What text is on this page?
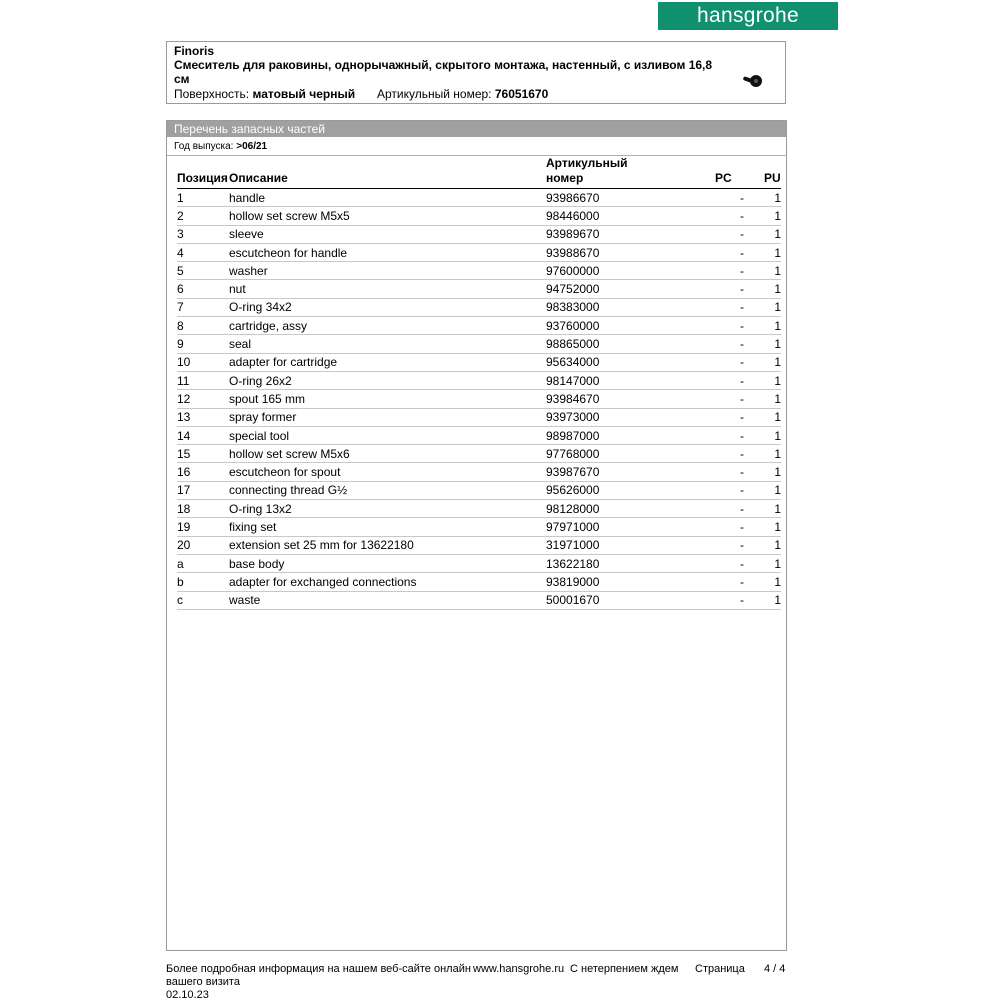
hansgrohe
Finoris
Смеситель для раковины, однорычажный, скрытого монтажа, настенный, с изливом 16,8
см
Поверхность: матовый черный Артикульный номер: 76051670
Перечень запасных частей
Год выпуска: >06/21
Позиция Описание
Артикульный
номер	PC	PU
1	handle	93986670	-	1
2	hollow set screw M5x5	98446000	-	1
3	sleeve	93989670	-	1
4	escutcheon for handle	93988670	-	1
5	washer	97600000	-	1
6	nut	94752000	-	1
7	O-ring 34x2	98383000	-	1
8	cartridge, assy	93760000	-	1
9	seal	98865000	-	1
10	adapter for cartridge	95634000	-	1
11	O-ring 26x2	98147000	-	1
12	spout 165 mm	93984670	-	1
13	spray former	93973000	-	1
14	special tool	98987000	-	1
15	hollow set screw M5x6	97768000	-	1
16	escutcheon for spout	93987670	-	1
17	connecting thread G½	95626000	-	1
18	O-ring 13x2	98128000	-	1
19	fixing set	97971000	-	1
20	extension set 25 mm for 13622180	31971000	-	1
a	base body	13622180	-	1
b	adapter for exchanged connections	93819000	-	1
c	waste	50001670	-	1
Более подробная информация на нашем веб-сайте онлайн www.hansgrohe.ru С нетерпением ждем
вашего визита
Страница 4 / 4
02.10.23
